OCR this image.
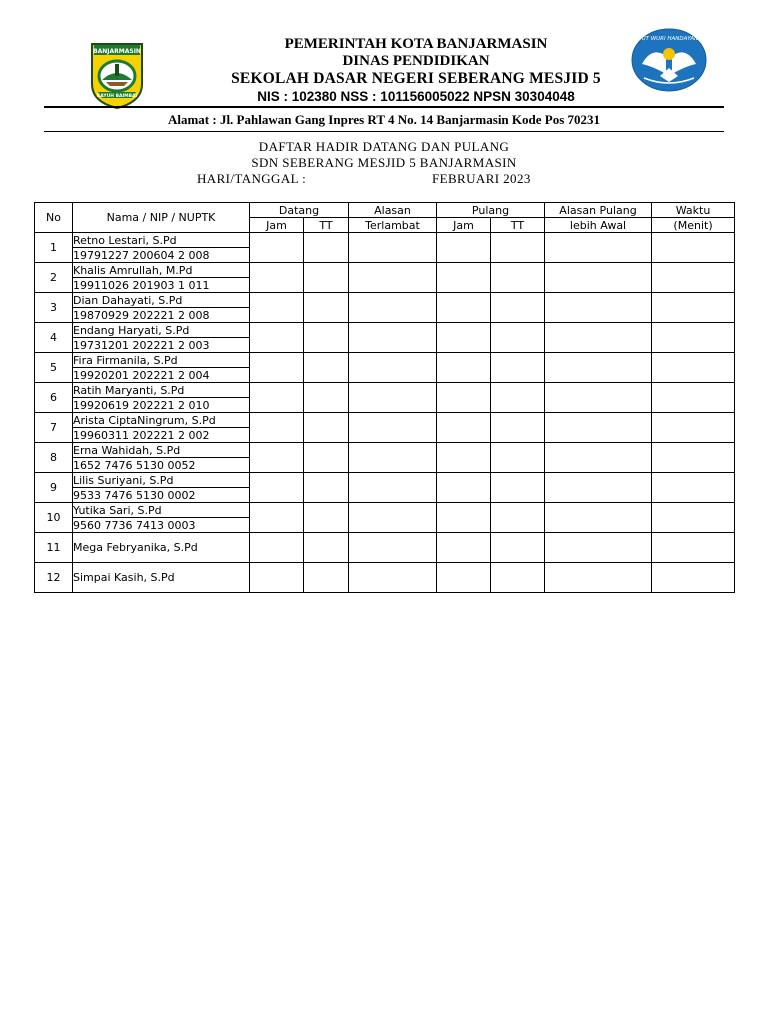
BANJARMASIN
KAYUH BAIMBAI
PEMERINTAH KOTA BANJARMASIN
DINAS PENDIDIKAN
SEKOLAH DASAR NEGERI SEBERANG MESJID 5
NIS : 102380 NSS : 101156005022 NPSN 30304048
TUT WURI HANDAYANI
Alamat : Jl. Pahlawan Gang Inpres RT 4 No. 14 Banjarmasin Kode Pos 70231
DAFTAR HADIR DATANG DAN PULANG
SDN SEBERANG MESJID 5 BANJARMASIN
HARI/TANGGAL :	FEBRUARI 2023
No	Nama / NIP / NUPTK	Datang		Alasan	Pulang		Alasan Pulang	Waktu
		Jam	TT	Terlambat	Jam	TT	lebih Awal	(Menit)
1	Retno Lestari, S.Pd							
	19791227 200604 2 008							
2	Khalis Amrullah, M.Pd							
	19911026 201903 1 011							
3	Dian Dahayati, S.Pd							
	19870929 202221 2 008							
4	Endang Haryati, S.Pd							
	19731201 202221 2 003							
5	Fira Firmanila, S.Pd							
	19920201 202221 2 004							
6	Ratih Maryanti, S.Pd							
	19920619 202221 2 010							
7	Arista CiptaNingrum, S.Pd							
	19960311 202221 2 002							
8	Erna Wahidah, S.Pd							
	1652 7476 5130 0052							
9	Lilis Suriyani, S.Pd							
	9533 7476 5130 0002							
10	Yutika Sari, S.Pd							
	9560 7736 7413 0003							
11	Mega Febryanika, S.Pd							
12	Simpai Kasih, S.Pd							
